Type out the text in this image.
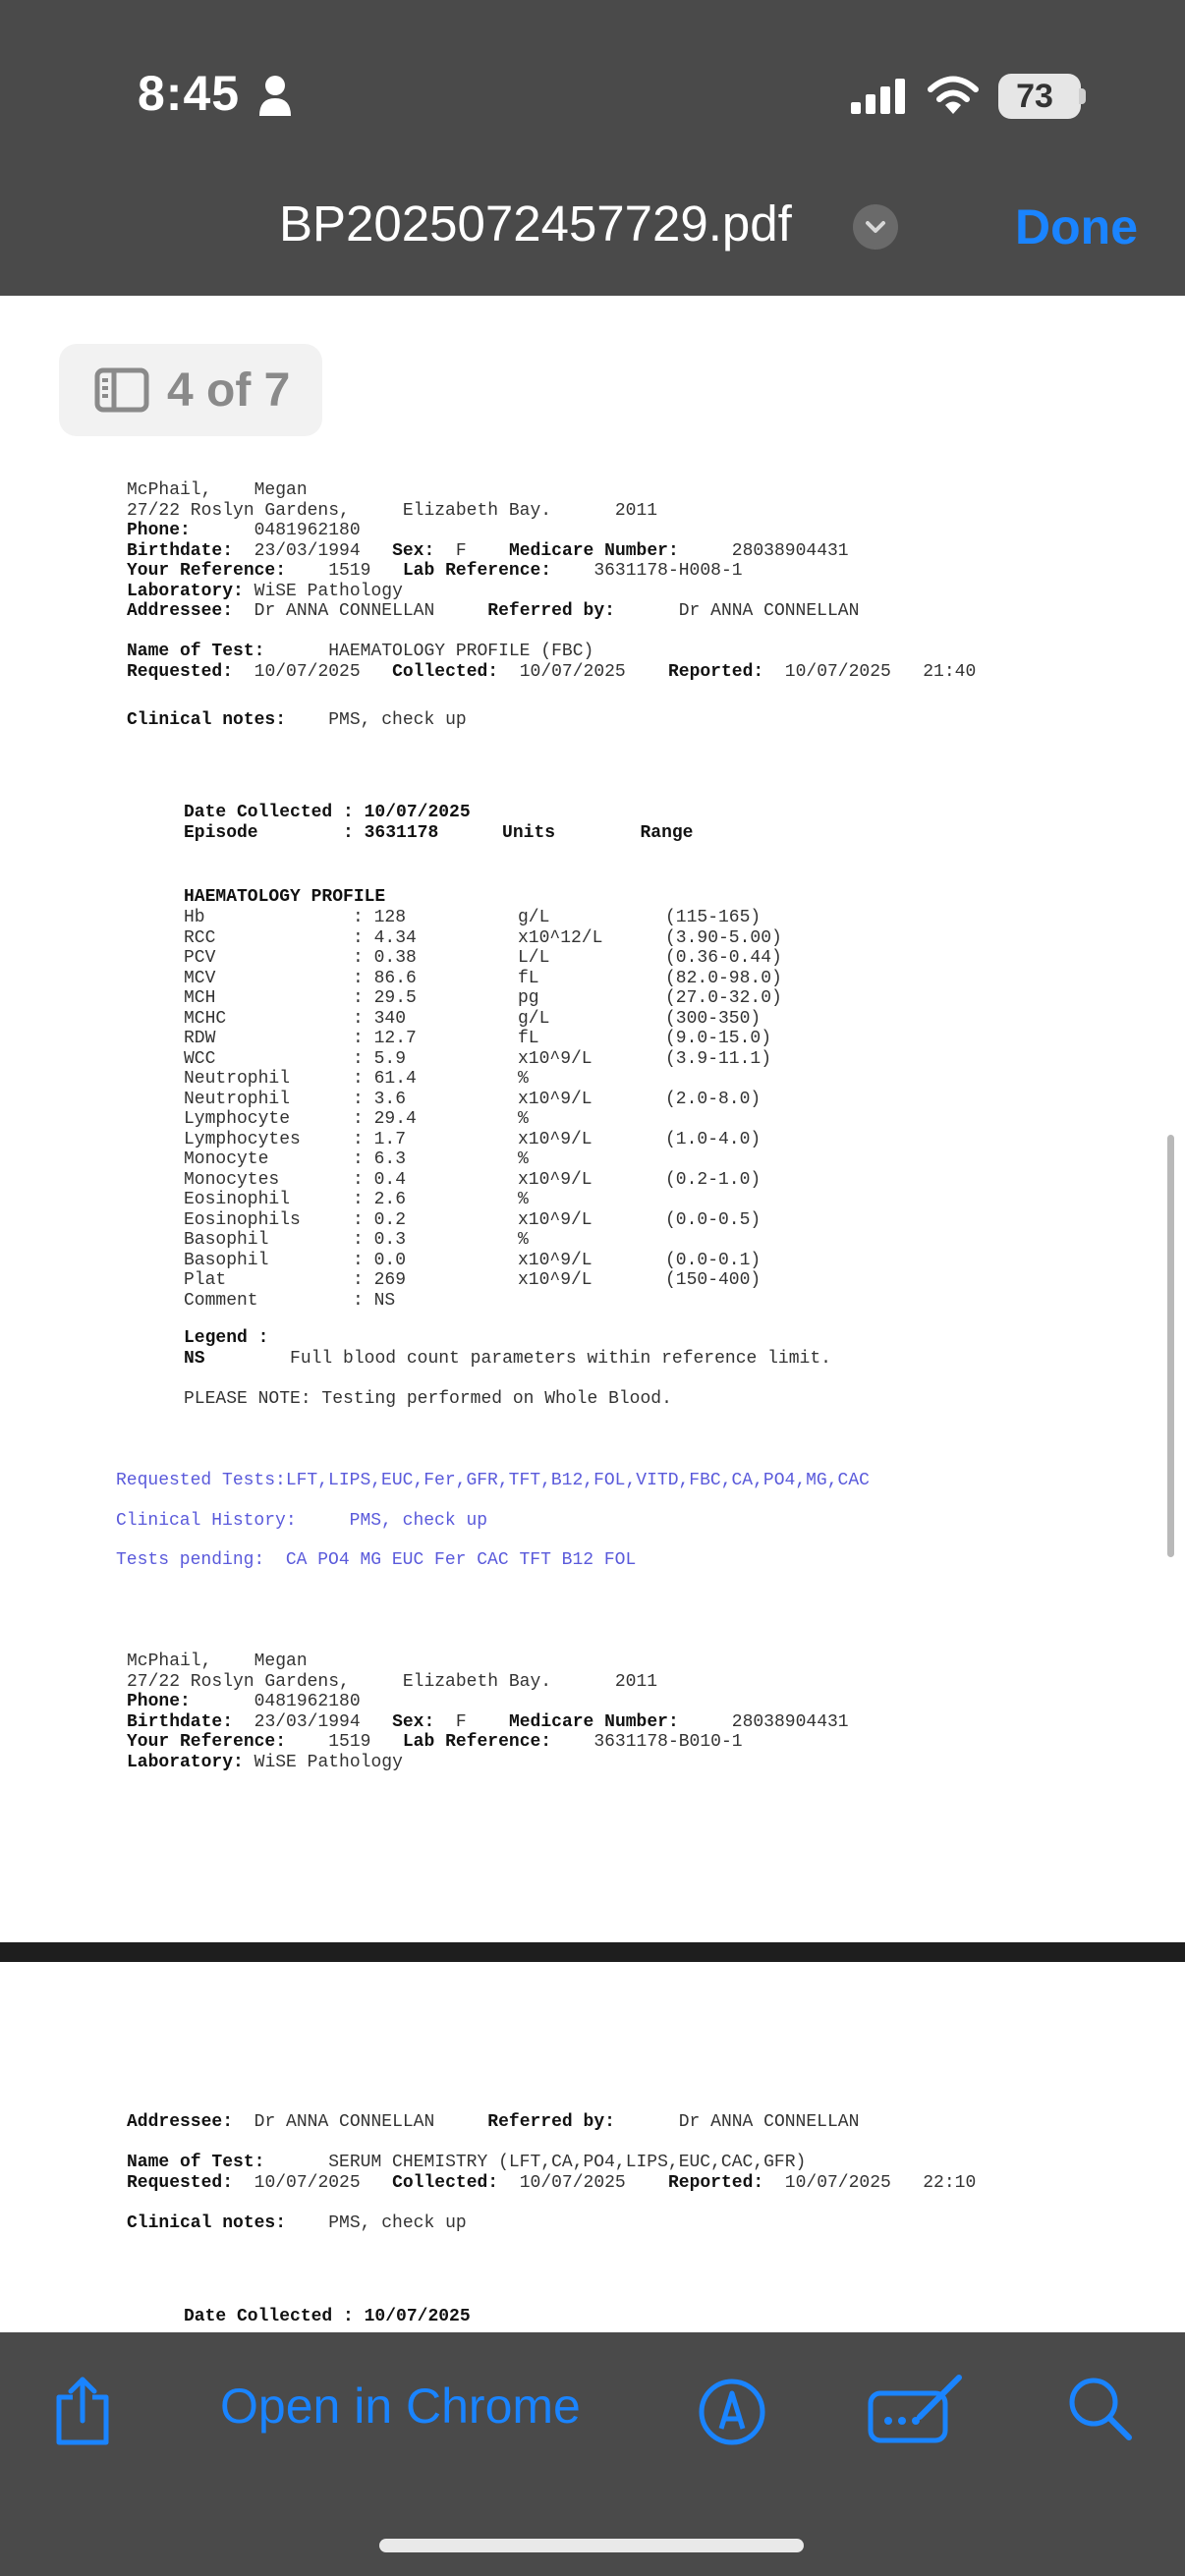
8:45	73
BP2025072457729.pdf	Done
4 of 7
McPhail,    Megan
27/22 Roslyn Gardens,     Elizabeth Bay.      2011
Phone:	0481962180
Birthdate: 23/03/1994 Sex: F Medicare Number:	28038904431
Your Reference: 1519 Lab Reference: 3631178-H008-1
Laboratory: WiSE Pathology
Addressee: Dr ANNA CONNELLAN	Referred by:	Dr ANNA CONNELLAN

Name of Test:	HAEMATOLOGY PROFILE (FBC)
Requested: 10/07/2025 Collected: 10/07/2025 Reported: 10/07/2025 21:40
Clinical notes: PMS, check up
Date Collected : 10/07/2025
Episode        : 3631178      Units        Range
HAEMATOLOGY PROFILE
Hb	: 128	g/L	(115-165)
RCC	: 4.34	x10^12/L	(3.90-5.00)
PCV	: 0.38	L/L	(0.36-0.44)
MCV	: 86.6	fL	(82.0-98.0)
MCH	: 29.5	pg	(27.0-32.0)
MCHC	: 340	g/L	(300-350)
RDW	: 12.7	fL	(9.0-15.0)
WCC	: 5.9	x10^9/L	(3.9-11.1)
Neutrophil	: 61.4	%
Neutrophil	: 3.6	x10^9/L	(2.0-8.0)
Lymphocyte	: 29.4	%
Lymphocytes	: 1.7	x10^9/L	(1.0-4.0)
Monocyte	: 6.3	%
Monocytes	: 0.4	x10^9/L	(0.2-1.0)
Eosinophil	: 2.6	%
Eosinophils	: 0.2	x10^9/L	(0.0-0.5)
Basophil	: 0.3	%
Basophil	: 0.0	x10^9/L	(0.0-0.1)
Plat	: 269	x10^9/L	(150-400)
Comment	: NS
Legend :
NS	Full blood count parameters within reference limit.

PLEASE NOTE: Testing performed on Whole Blood.
Requested Tests:LFT,LIPS,EUC,Fer,GFR,TFT,B12,FOL,VITD,FBC,CA,PO4,MG,CAC
Clinical History:     PMS, check up
Tests pending:  CA PO4 MG EUC Fer CAC TFT B12 FOL
McPhail,    Megan
27/22 Roslyn Gardens,     Elizabeth Bay.      2011
Phone:	0481962180
Birthdate: 23/03/1994 Sex: F Medicare Number:	28038904431
Your Reference: 1519 Lab Reference: 3631178-B010-1
Laboratory: WiSE Pathology
Addressee: Dr ANNA CONNELLAN	Referred by:	Dr ANNA CONNELLAN

Name of Test:	SERUM CHEMISTRY (LFT,CA,PO4,LIPS,EUC,CAC,GFR)
Requested: 10/07/2025 Collected: 10/07/2025 Reported: 10/07/2025 22:10

Clinical notes: PMS, check up
Date Collected : 10/07/2025
Open in Chrome
